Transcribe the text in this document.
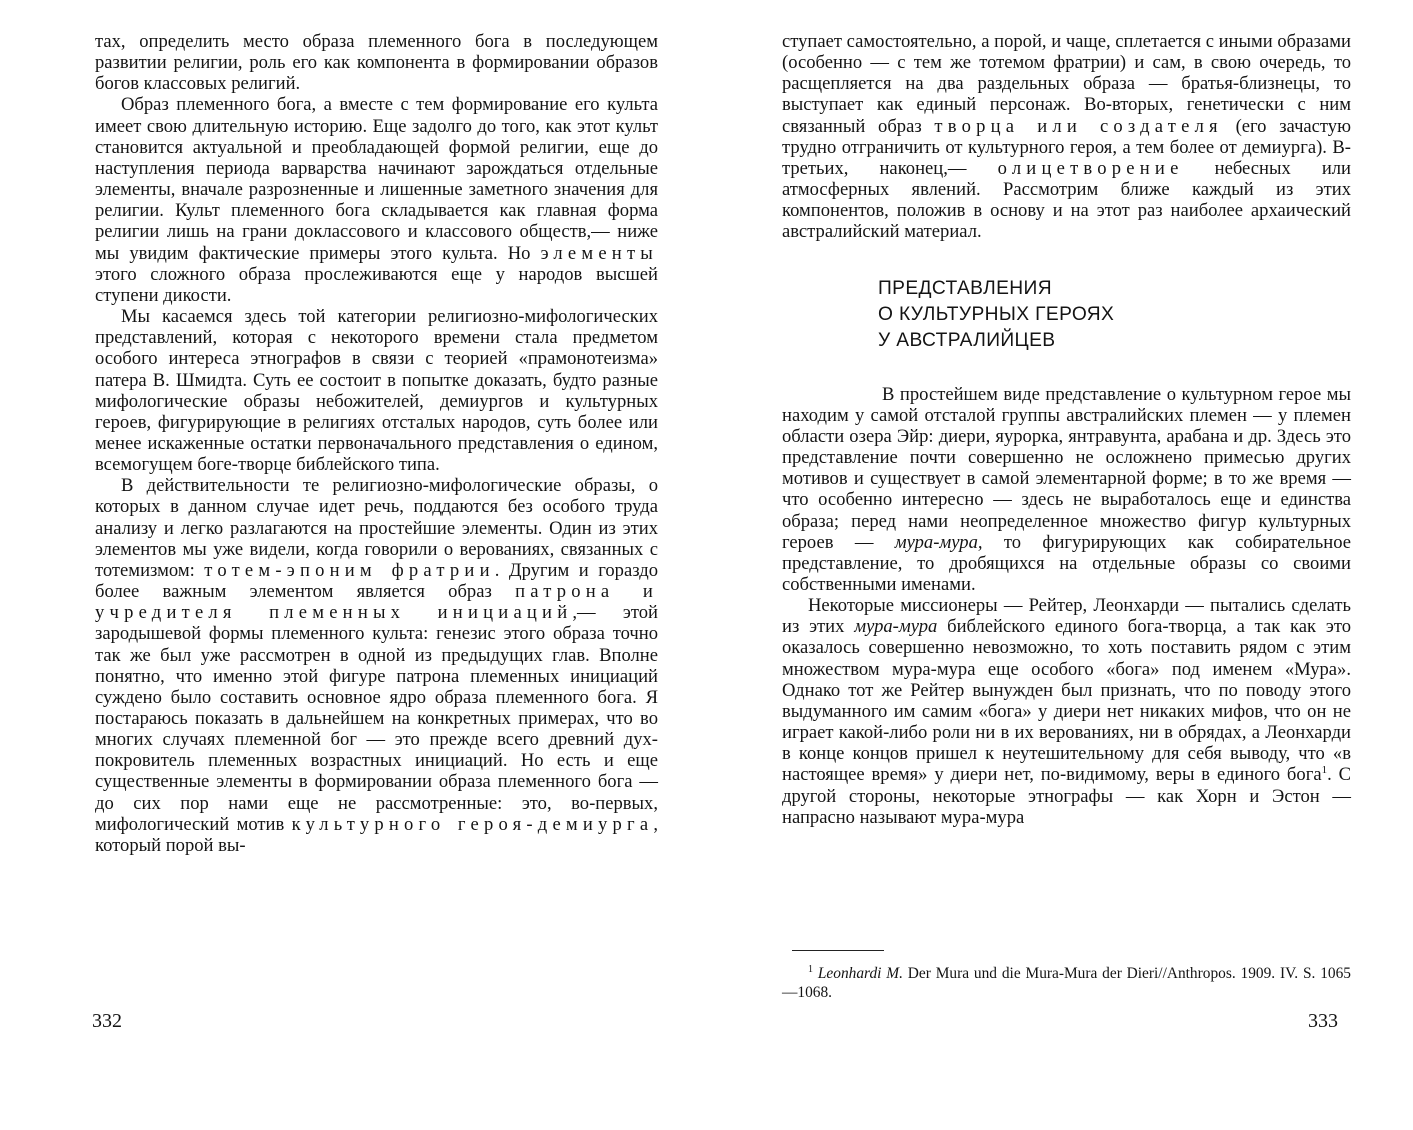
тах, определить место образа племенного бога в последующем развитии религии, роль его как компонента в формировании образов богов классовых религий.

Образ племенного бога, а вместе с тем формирование его культа имеет свою длительную историю. Еще задолго до того, как этот культ становится актуальной и преобладающей формой религии, еще до наступления периода варварства начинают зарождаться отдельные элементы, вначале разрозненные и лишенные заметного значения для религии. Культ племенного бога складывается как главная форма религии лишь на грани доклассового и классового обществ,— ниже мы увидим фактические примеры этого культа. Но элементы этого сложного образа прослеживаются еще у народов высшей ступени дикости.

Мы касаемся здесь той категории религиозно-мифологических представлений, которая с некоторого времени стала предметом особого интереса этнографов в связи с теорией «прамонотеизма» патера В. Шмидта. Суть ее состоит в попытке доказать, будто разные мифологические образы небожителей, демиургов и культурных героев, фигурирующие в религиях отсталых народов, суть более или менее искаженные остатки первоначального представления о едином, всемогущем боге-творце библейского типа.

В действительности те религиозно-мифологические образы, о которых в данном случае идет речь, поддаются без особого труда анализу и легко разлагаются на простейшие элементы. Один из этих элементов мы уже видели, когда говорили о верованиях, связанных с тотемизмом: тотем-эпоним фратрии. Другим и гораздо более важным элементом является образ патрона и учредителя племенных инициаций,— этой зародышевой формы племенного культа: генезис этого образа точно так же был уже рассмотрен в одной из предыдущих глав. Вполне понятно, что именно этой фигуре патрона племенных инициаций суждено было составить основное ядро образа племенного бога. Я постараюсь показать в дальнейшем на конкретных примерах, что во многих случаях племенной бог — это прежде всего древний дух-покровитель племенных возрастных инициаций. Но есть и еще существенные элементы в формировании образа племенного бога — до сих пор нами еще не рассмотренные: это, во-первых, мифологический мотив культурного героя-демиурга, который порой вы-

332

ступает самостоятельно, а порой, и чаще, сплетается с иными образами (особенно — с тем же тотемом фратрии) и сам, в свою очередь, то расщепляется на два раздельных образа — братья-близнецы, то выступает как единый персонаж. Во-вторых, генетически с ним связанный образ творца или создателя (его зачастую трудно отграничить от культурного героя, а тем более от демиурга). В-третьих, наконец,— олицетворение небесных или атмосферных явлений. Рассмотрим ближе каждый из этих компонентов, положив в основу и на этот раз наиболее архаический австралийский материал.

ПРЕДСТАВЛЕНИЯ
О КУЛЬТУРНЫХ ГЕРОЯХ
У АВСТРАЛИЙЦЕВ

В простейшем виде представление о культурном герое мы находим у самой отсталой группы австралийских племен — у племен области озера Эйр: диери, яуроркa, янтравунта, арабана и др. Здесь это представление почти совершенно не осложнено примесью других мотивов и существует в самой элементарной форме; в то же время — что особенно интересно — здесь не выработалось еще и единства образа; перед нами неопределенное множество фигур культурных героев — мура-мура, то фигурирующих как собирательное представление, то дробящихся на отдельные образы со своими собственными именами.

Некоторые миссионеры — Рейтер, Леонхарди — пытались сделать из этих мура-мура библейского единого бога-творца, а так как это оказалось совершенно невозможно, то хоть поставить рядом с этим множеством мура-мура еще особого «бога» под именем «Мура». Однако тот же Рейтер вынужден был признать, что по поводу этого выдуманного им самим «бога» у диери нет никаких мифов, что он не играет какой-либо роли ни в их верованиях, ни в обрядах, а Леонхарди в конце концов пришел к неутешительному для себя выводу, что «в настоящее время» у диери нет, по-видимому, веры в единого бога$^1$. С другой стороны, некоторые этнографы — как Хорн и Эстон — напрасно называют мура-мура

$^1$ Leonhardi M. Der Mura und die Mura-Mura der Dieri//Anthropos. 1909. IV. S. 1065—1068.
333
